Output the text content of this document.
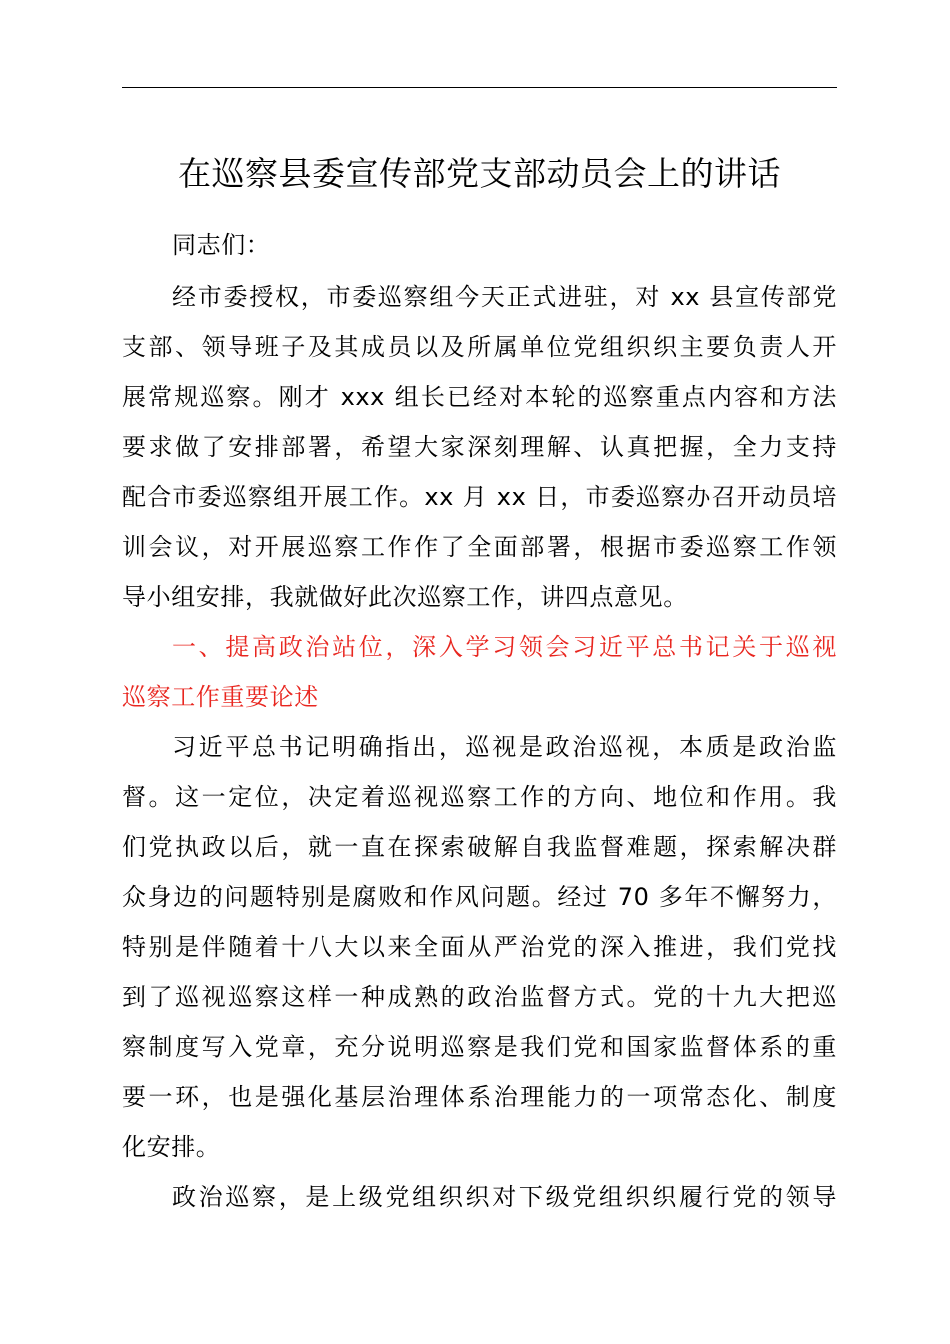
在巡察县委宣传部党支部动员会上的讲话
同志们：
经市委授权，市委巡察组今天正式进驻，对 xx 县宣传部党
支部、领导班子及其成员以及所属单位党组织织主要负责人开
展常规巡察。刚才 xxx 组长已经对本轮的巡察重点内容和方法
要求做了安排部署，希望大家深刻理解、认真把握，全力支持
配合市委巡察组开展工作。xx 月 xx 日，市委巡察办召开动员培
训会议，对开展巡察工作作了全面部署，根据市委巡察工作领
导小组安排，我就做好此次巡察工作，讲四点意见。
一、提高政治站位，深入学习领会习近平总书记关于巡视
巡察工作重要论述
习近平总书记明确指出，巡视是政治巡视，本质是政治监
督。这一定位，决定着巡视巡察工作的方向、地位和作用。我
们党执政以后，就一直在探索破解自我监督难题，探索解决群
众身边的问题特别是腐败和作风问题。经过 70 多年不懈努力，
特别是伴随着十八大以来全面从严治党的深入推进，我们党找
到了巡视巡察这样一种成熟的政治监督方式。党的十九大把巡
察制度写入党章，充分说明巡察是我们党和国家监督体系的重
要一环，也是强化基层治理体系治理能力的一项常态化、制度
化安排。
政治巡察，是上级党组织织对下级党组织织履行党的领导
